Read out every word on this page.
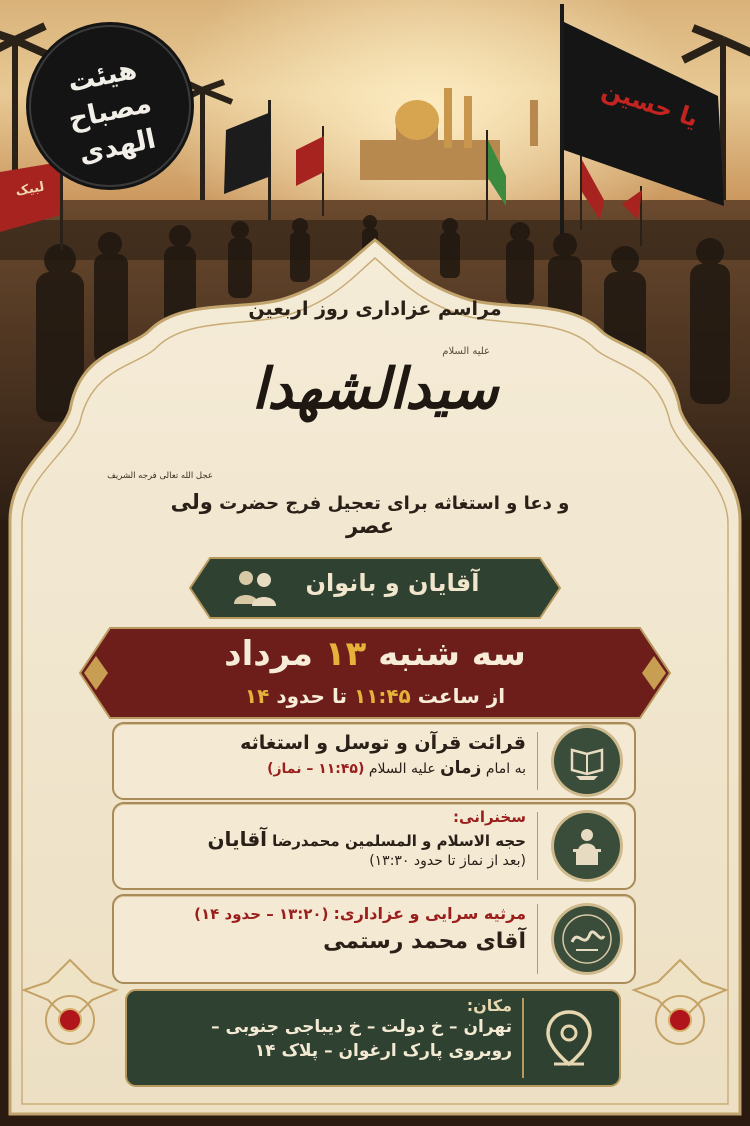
یا حسین
لبیک
هیئت مصباح الهدی
مراسم عزاداری روز اربعین
علیه السلام
سیدالشهدا
عجل الله تعالی فرجه الشریف
و دعا و استغاثه برای تعجیل فرج حضرت ولی عصر
آقایان و بانوان
سه شنبه ۱۳ مرداد
از ساعت ۱۱:۴۵ تا حدود ۱۴
قرائت قرآن و توسل و استغاثه
به امام زمان علیه السلام (۱۱:۴۵ – نماز)
سخنرانی:
حجه الاسلام و المسلمین محمدرضا آقایان
(بعد از نماز تا حدود ۱۳:۳۰)
مرثیه سرایی و عزاداری: (۱۳:۲۰ – حدود ۱۴)
آقای محمد رستمی
مکان:
تهران – خ دولت – خ دیباجی جنوبی –
روبروی پارک ارغوان – پلاک ۱۴
